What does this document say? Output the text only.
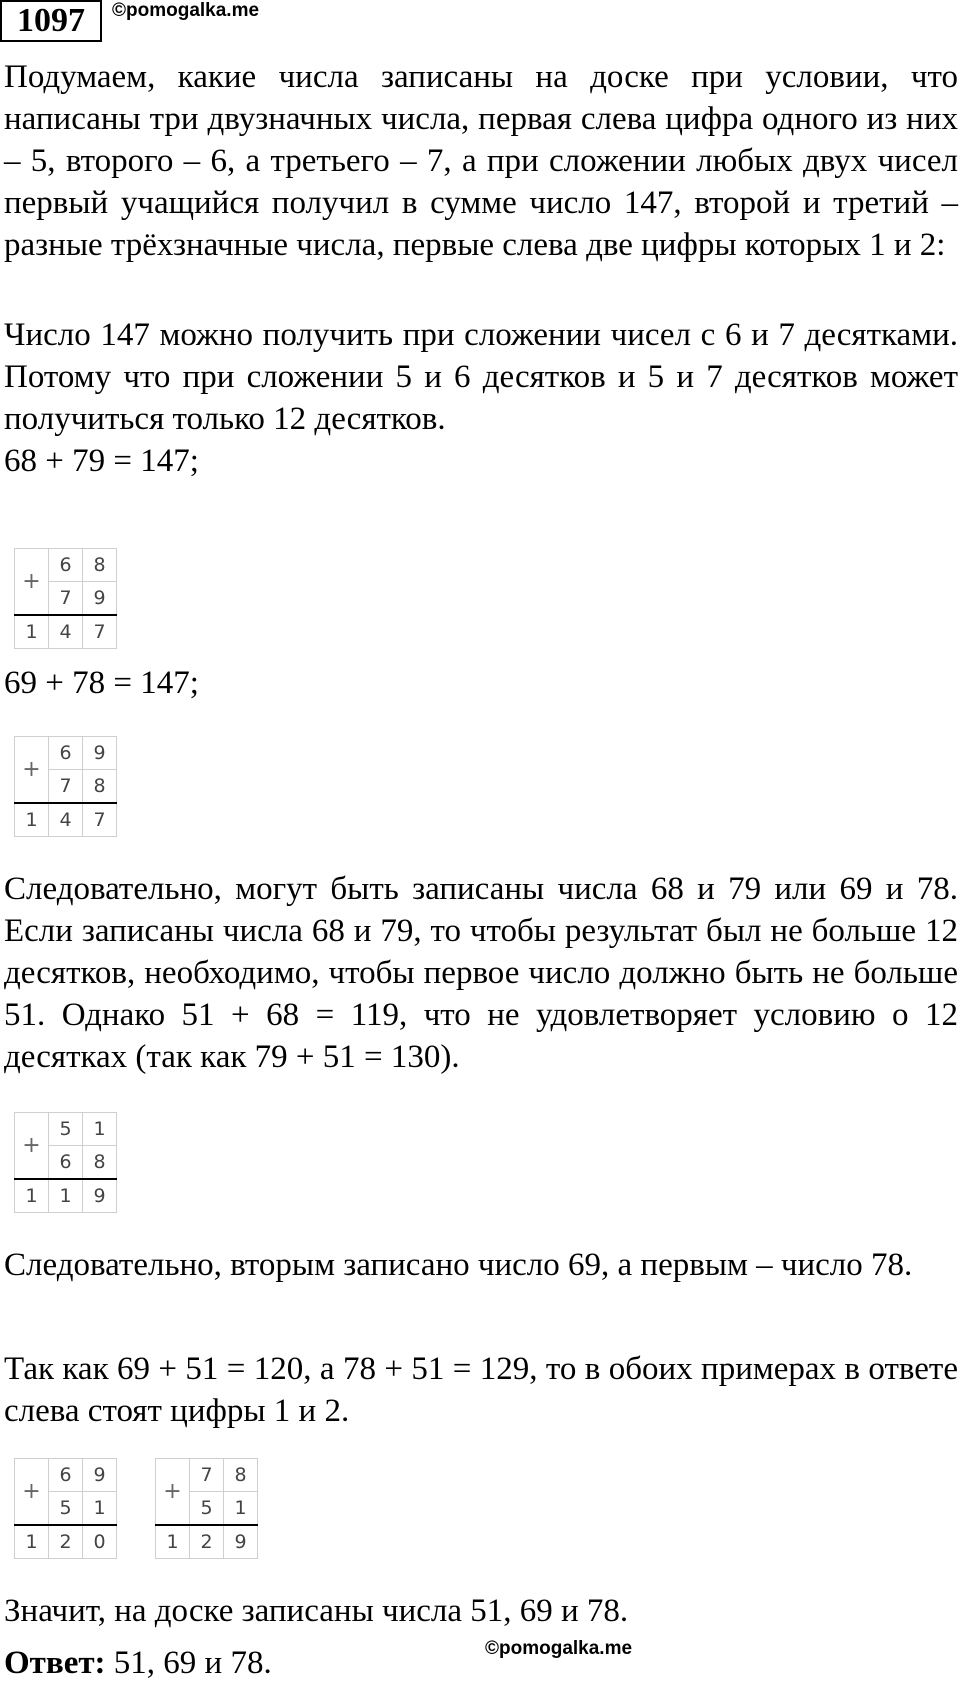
1097	©pomogalka.me

Подумаем, какие числа записаны на доске при условии, что написаны три двузначных числа, первая слева цифра одного из них – 5, второго – 6, а третьего – 7, а при сложении любых двух чисел первый учащийся получил в сумме число 147, второй и третий – разные трёхзначные числа, первые слева две цифры которых 1 и 2:

Число 147 можно получить при сложении чисел с 6 и 7 десятками. Потому что при сложении 5 и 6 десятков и 5 и 7 десятков может получиться только 12 десятков.

68 + 79 = 147;

+	6	8
	7	9
1	4	7

69 + 78 = 147;

+	6	9
	7	8
1	4	7

Следовательно, могут быть записаны числа 68 и 79 или 69 и 78. Если записаны числа 68 и 79, то чтобы результат был не больше 12 десятков, необходимо, чтобы первое число должно быть не больше 51. Однако 51 + 68 = 119, что не удовлетворяет условию о 12 десятках (так как 79 + 51 = 130).

+	5	1
	6	8
1	1	9

Следовательно, вторым записано число 69, а первым – число 78.

Так как 69 + 51 = 120, а 78 + 51 = 129, то в обоих примерах в ответе слева стоят цифры 1 и 2.

+	6	9
	5	1
1	2	0
+	7	8
	5	1
1	2	9

Значит, на доске записаны числа 51, 69 и 78.

©pomogalka.me

Ответ: 51, 69 и 78.
